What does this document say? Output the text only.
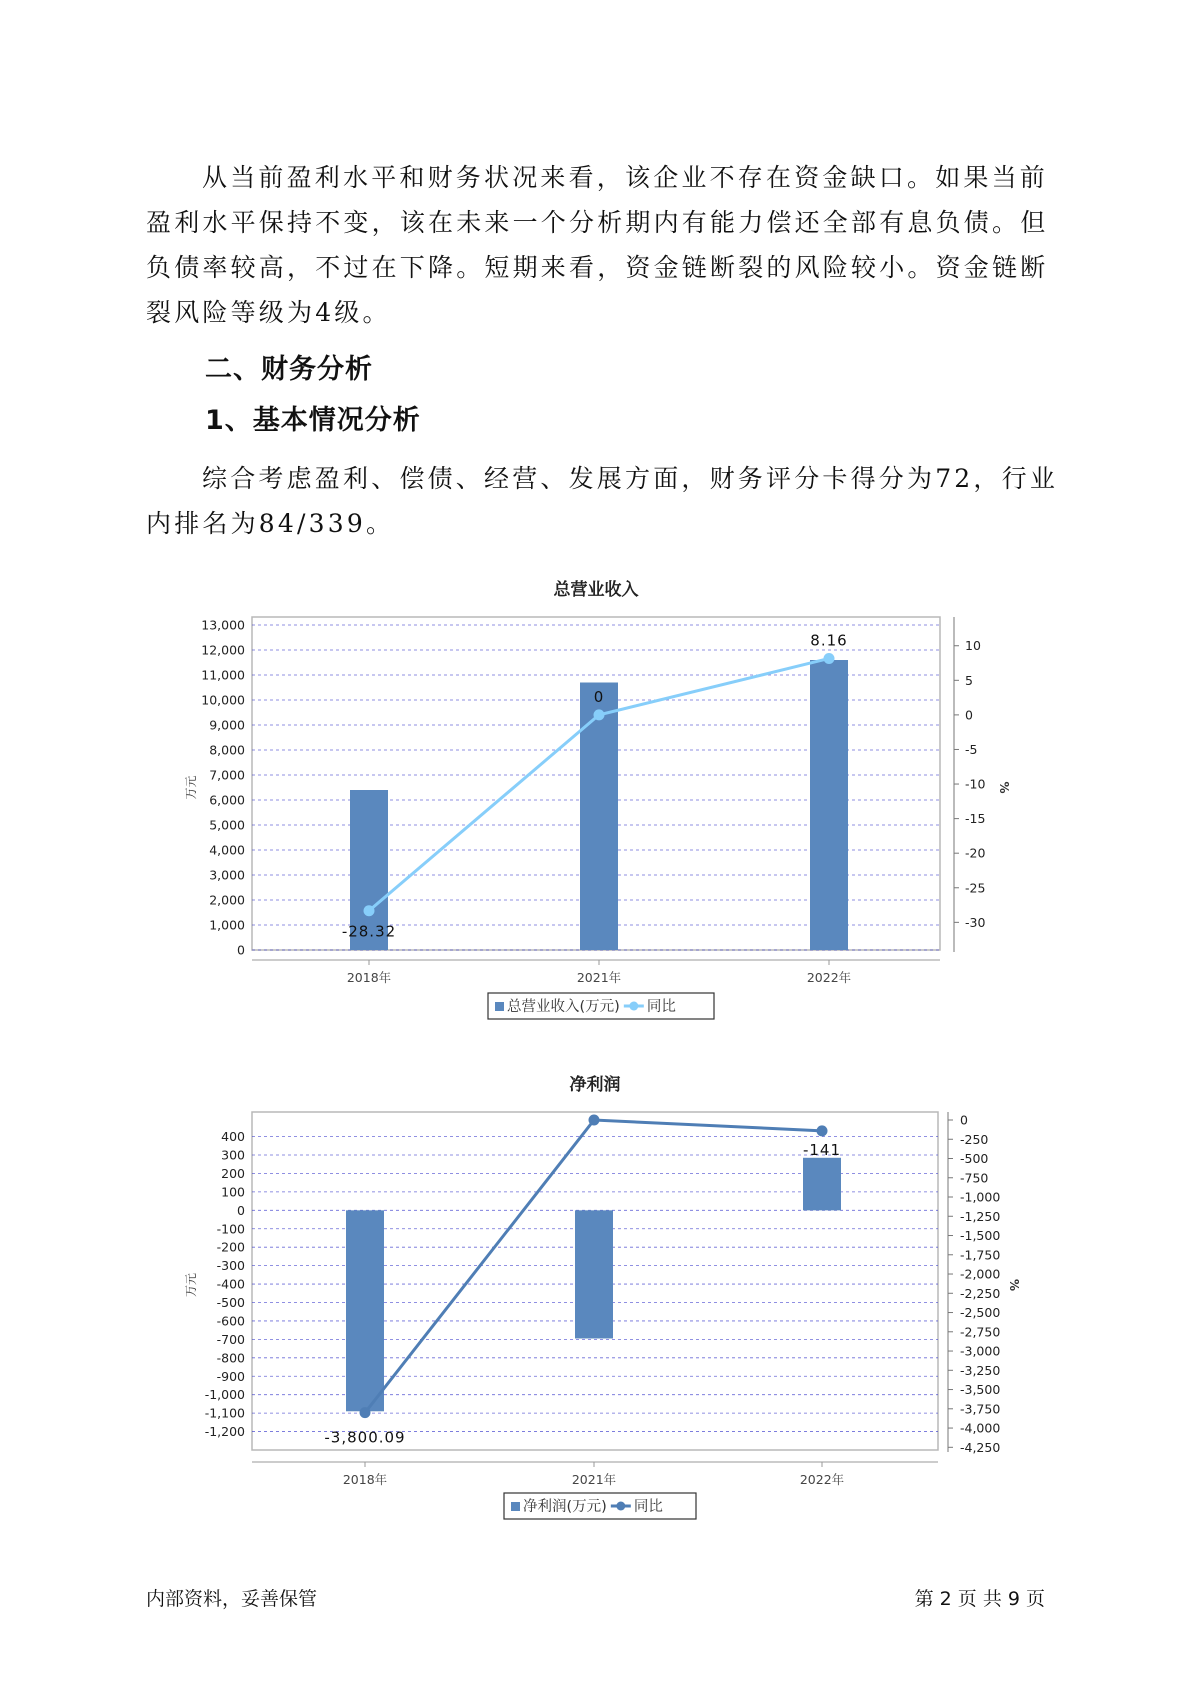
从当前盈利水平和财务状况来看，该企业不存在资金缺口。如果当前
盈利水平保持不变，该在未来一个分析期内有能力偿还全部有息负债。但
负债率较高，不过在下降。短期来看，资金链断裂的风险较小。资金链断
裂风险等级为4级。
二、财务分析
1、基本情况分析
综合考虑盈利、偿债、经营、发展方面，财务评分卡得分为72，行业
内排名为84/339。
总营业收入
0
1,000
2,000
3,000
4,000
5,000
6,000
7,000
8,000
9,000
10,000
11,000
12,000
13,000
10
5
0
-5
-10
-15
-20
-25
-30
万元	%
2018年	2021年	2022年
-28.32
0
8.16
总营业收入(万元) 同比
净利润
400
300
200
100
0
-100
-200
-300
-400
-500
-600
-700
-800
-900
-1,000
-1,100
-1,200
0
-250
-500
-750
-1,000
-1,250
-1,500
-1,750
-2,000
-2,250
-2,500
-2,750
-3,000
-3,250
-3,500
-3,750
-4,000
-4,250
万元	%
2018年	2021年	2022年
-3,800.09
-141
净利润(万元) 同比
内部资料，妥善保管	第 2 页 共 9 页
